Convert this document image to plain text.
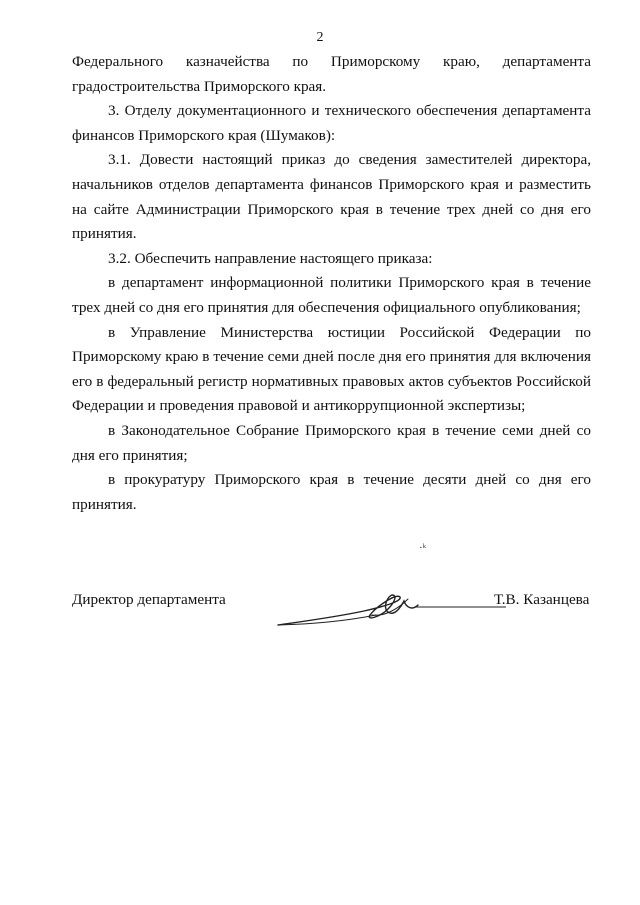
2

Федерального казначейства по Приморскому краю, департамента градостроительства Приморского края.

3. Отделу документационного и технического обеспечения департамента финансов Приморского края (Шумаков):

3.1. Довести настоящий приказ до сведения заместителей директора, начальников отделов департамента финансов Приморского края и разместить на сайте Администрации Приморского края в течение трех дней со дня его принятия.

3.2. Обеспечить направление настоящего приказа:

в департамент информационной политики Приморского края в течение трех дней со дня его принятия для обеспечения официального опубликования;

в Управление Министерства юстиции Российской Федерации по Приморскому краю в течение семи дней после дня его принятия для включения его в федеральный регистр нормативных правовых актов субъектов Российской Федерации и проведения правовой и антикоррупционной экспертизы;

в Законодательное Собрание Приморского края в течение семи дней со дня его принятия;

в прокуратуру Приморского края в течение десяти дней со дня его принятия.

·ᵏ
Директор департамента	Т.В. Казанцева
